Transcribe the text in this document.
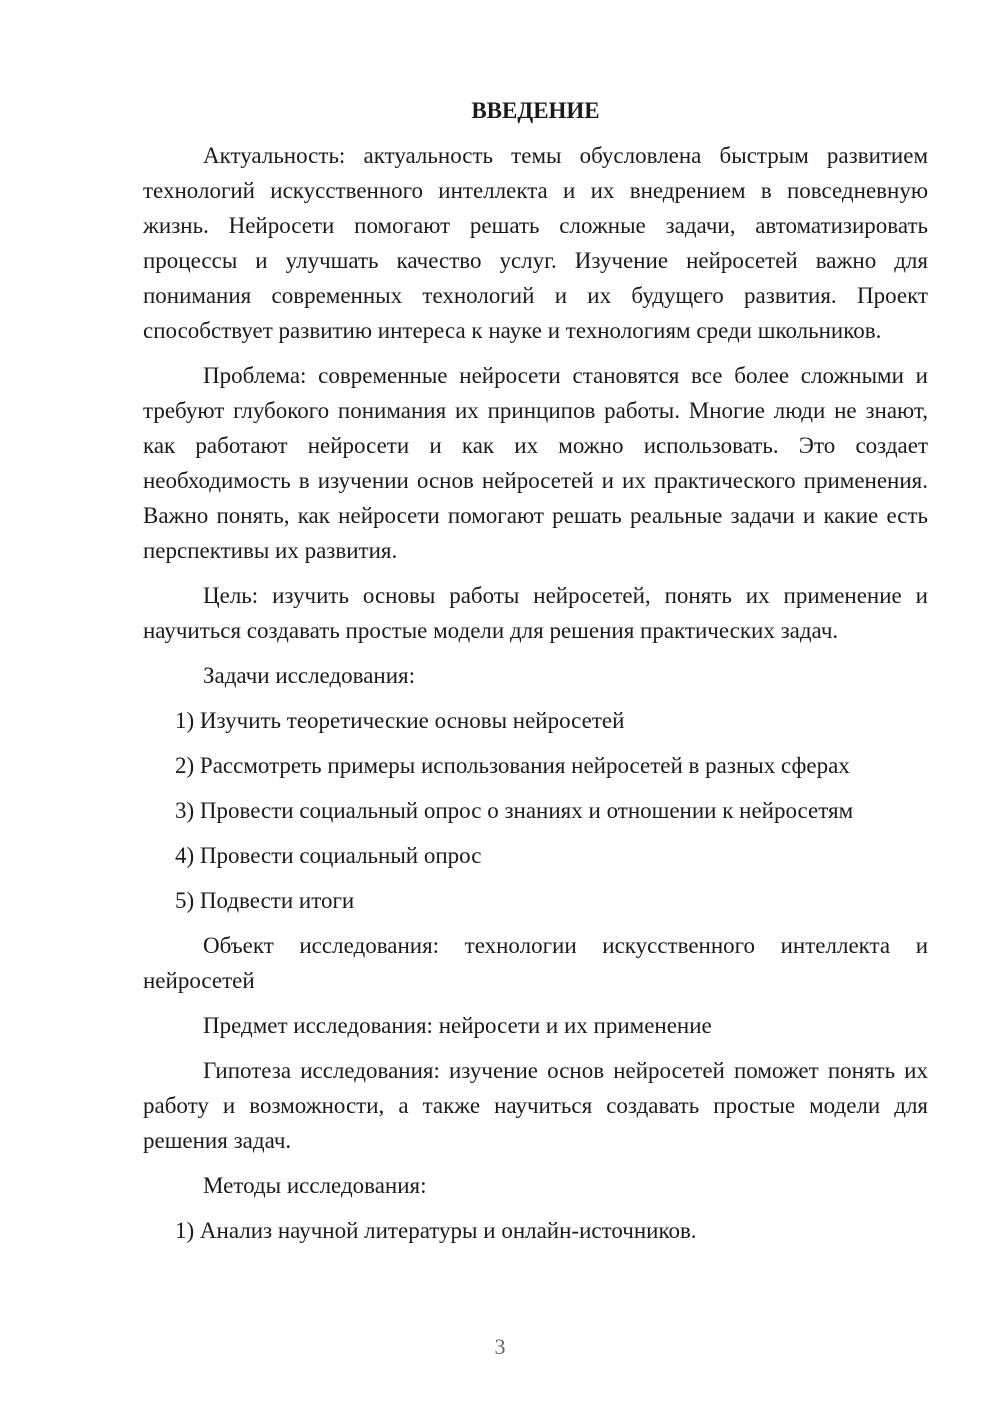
ВВЕДЕНИЕ

Актуальность: актуальность темы обусловлена быстрым развитием технологий искусственного интеллекта и их внедрением в повседневную жизнь. Нейросети помогают решать сложные задачи, автоматизировать процессы и улучшать качество услуг. Изучение нейросетей важно для понимания современных технологий и их будущего развития. Проект способствует развитию интереса к науке и технологиям среди школьников.

Проблема: современные нейросети становятся все более сложными и требуют глубокого понимания их принципов работы. Многие люди не знают, как работают нейросети и как их можно использовать. Это создает необходимость в изучении основ нейросетей и их практического применения. Важно понять, как нейросети помогают решать реальные задачи и какие есть перспективы их развития.

Цель: изучить основы работы нейросетей, понять их применение и научиться создавать простые модели для решения практических задач.

Задачи исследования:
1) Изучить теоретические основы нейросетей
2) Рассмотреть примеры использования нейросетей в разных сферах
3) Провести социальный опрос о знаниях и отношении к нейросетям
4) Провести социальный опрос
5) Подвести итоги

Объект исследования: технологии искусственного интеллекта и нейросетей

Предмет исследования: нейросети и их применение

Гипотеза исследования: изучение основ нейросетей поможет понять их работу и возможности, а также научиться создавать простые модели для решения задач.

Методы исследования:
1) Анализ научной литературы и онлайн-источников.
3
